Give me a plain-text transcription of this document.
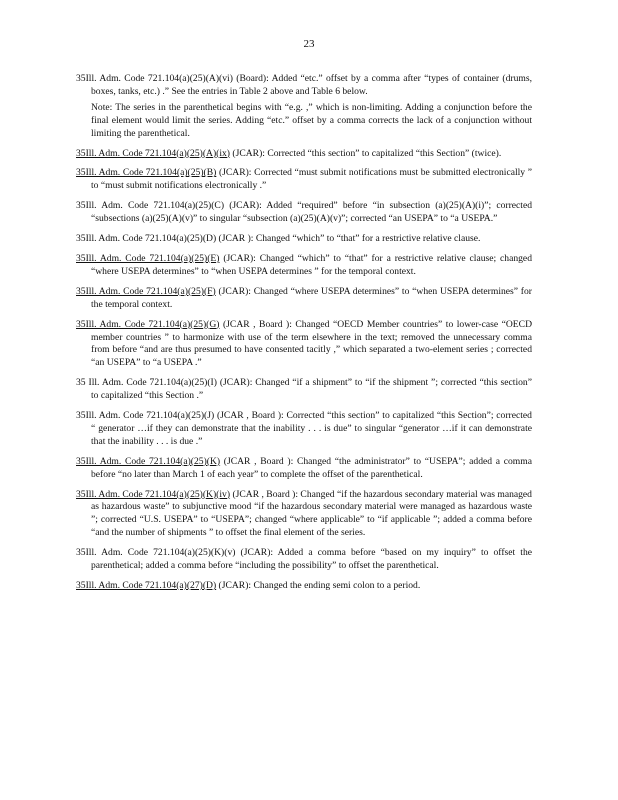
23

35Ill. Adm. Code 721.104(a)(25)(A)(vi) (Board): Added “etc.” offset by a comma after “types of container (drums, boxes, tanks, etc.) .” See the entries in Table 2 above and Table 6 below.

Note: The series in the parenthetical begins with “e.g. ,” which is non-limiting. Adding a conjunction before the final element would limit the series. Adding “etc.” offset by a comma corrects the lack of a conjunction without limiting the parenthetical.

35Ill. Adm. Code 721.104(a)(25)(A)(ix) (JCAR): Corrected “this section” to capitalized “this Section” (twice).

35Ill. Adm. Code 721.104(a)(25)(B) (JCAR): Corrected “must submit notifications must be submitted electronically ” to “must submit notifications electronically .”

35Ill. Adm. Code 721.104(a)(25)(C) (JCAR): Added “required” before “in subsection (a)(25)(A)(i)”; corrected “subsections (a)(25)(A)(v)” to singular “subsection (a)(25)(A)(v)”; corrected “an USEPA” to “a USEPA.”

35Ill. Adm. Code 721.104(a)(25)(D) (JCAR ): Changed “which” to “that” for a restrictive relative clause.

35Ill. Adm. Code 721.104(a)(25)(E) (JCAR): Changed “which” to “that” for a restrictive relative clause; changed “where USEPA determines” to “when USEPA determines ” for the temporal context.

35Ill. Adm. Code 721.104(a)(25)(F) (JCAR): Changed “where USEPA determines” to “when USEPA determines” for the temporal context.

35Ill. Adm. Code 721.104(a)(25)(G) (JCAR , Board ): Changed “OECD Member countries” to lower-case “OECD member countries ” to harmonize with use of the term elsewhere in the text; removed the unnecessary comma from before “and are thus presumed to have consented tacitly ,” which separated a two-element series ; corrected “an USEPA” to “a USEPA .”

35 Ill. Adm. Code 721.104(a)(25)(I) (JCAR): Changed “if a shipment” to “if the shipment ”; corrected “this section” to capitalized “this Section .”

35Ill. Adm. Code 721.104(a)(25)(J) (JCAR , Board ): Corrected “this section” to capitalized “this Section”; corrected “ generator …if they can demonstrate that the inability . . . is due” to singular “generator …if it can demonstrate that the inability . . . is due .”

35Ill. Adm. Code 721.104(a)(25)(K) (JCAR , Board ): Changed “the administrator” to “USEPA”; added a comma before “no later than March 1 of each year” to complete the offset of the parenthetical.

35Ill. Adm. Code 721.104(a)(25)(K)(iv) (JCAR , Board ): Changed “if the hazardous secondary material was managed as hazardous waste” to subjunctive mood “if the hazardous secondary material were managed as hazardous waste ”; corrected “U.S. USEPA” to “USEPA”; changed “where applicable” to “if applicable ”; added a comma before “and the number of shipments ” to offset the final element of the series.

35Ill. Adm. Code 721.104(a)(25)(K)(v) (JCAR): Added a comma before “based on my inquiry” to offset the parenthetical; added a comma before “including the possibility” to offset the parenthetical.

35Ill. Adm. Code 721.104(a)(27)(D) (JCAR): Changed the ending semi colon to a period.
